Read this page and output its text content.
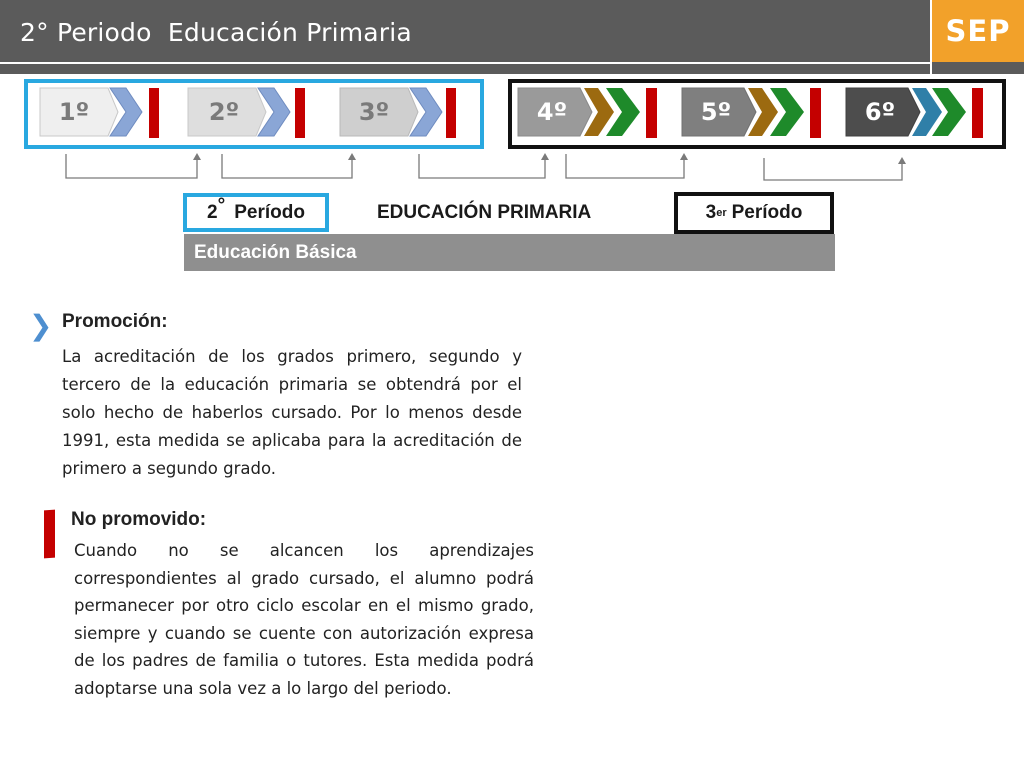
2° Periodo  Educación Primaria	SEP
1º	2º	3º	4º	5º	6º
2 ° Período	EDUCACIÓN PRIMARIA	3 er Período
Educación Básica
❯ Promoción:
La acreditación de los grados primero, segundo y tercero de la educación primaria se obtendrá por el solo hecho de haberlos cursado. Por lo menos desde 1991, esta medida se aplicaba para la acreditación de primero a segundo grado.
No promovido:
Cuando no se alcancen los aprendizajes correspondientes al grado cursado, el alumno podrá permanecer por otro ciclo escolar en el mismo grado, siempre y cuando se cuente con autorización expresa de los padres de familia o tutores. Esta medida podrá adoptarse una sola vez a lo largo del periodo.
